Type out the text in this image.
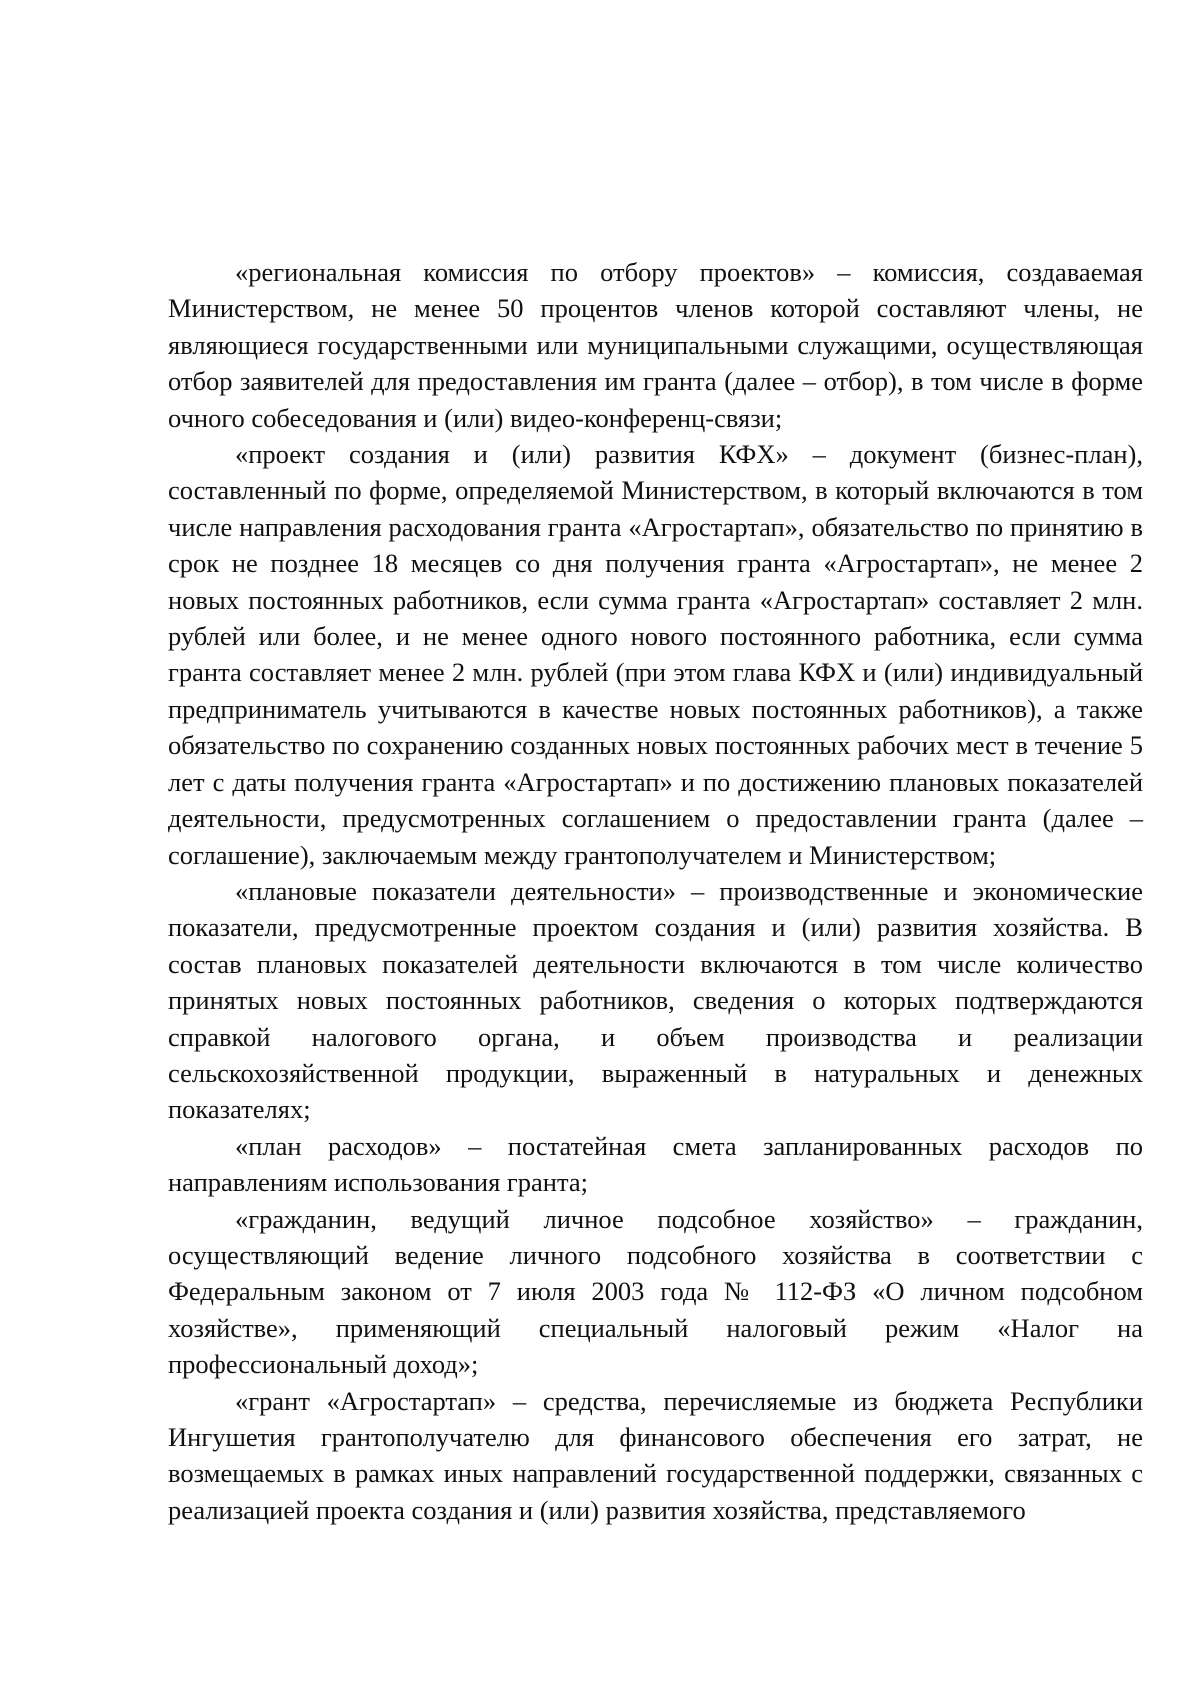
«региональная комиссия по отбору проектов» – комиссия, создаваемая Министерством, не менее 50 процентов членов которой составляют члены, не являющиеся государственными или муниципальными служащими, осуществляющая отбор заявителей для предоставления им гранта (далее – отбор), в том числе в форме очного собеседования и (или) видео-конференц-связи;

«проект создания и (или) развития КФХ» – документ (бизнес-план), составленный по форме, определяемой Министерством, в который включаются в том числе направления расходования гранта «Агростартап», обязательство по принятию в срок не позднее 18 месяцев со дня получения гранта «Агростартап», не менее 2 новых постоянных работников, если сумма гранта «Агростартап» составляет 2 млн. рублей или более, и не менее одного нового постоянного работника, если сумма гранта составляет менее 2 млн. рублей (при этом глава КФХ и (или) индивидуальный предприниматель учитываются в качестве новых постоянных работников), а также обязательство по сохранению созданных новых постоянных рабочих мест в течение 5 лет с даты получения гранта «Агростартап» и по достижению плановых показателей деятельности, предусмотренных соглашением о предоставлении гранта (далее – соглашение), заключаемым между грантополучателем и Министерством;

«плановые показатели деятельности» – производственные и экономические показатели, предусмотренные проектом создания и (или) развития хозяйства. В состав плановых показателей деятельности включаются в том числе количество принятых новых постоянных работников, сведения о которых подтверждаются справкой налогового органа, и объем производства и реализации сельскохозяйственной продукции, выраженный в натуральных и денежных показателях;

«план расходов» – постатейная смета запланированных расходов по направлениям использования гранта;

«гражданин, ведущий личное подсобное хозяйство» – гражданин, осуществляющий ведение личного подсобного хозяйства в соответствии с Федеральным законом от 7 июля 2003 года № 112-ФЗ «О личном подсобном хозяйстве», применяющий специальный налоговый режим «Налог на профессиональный доход»;

«грант «Агростартап» – средства, перечисляемые из бюджета Республики Ингушетия грантополучателю для финансового обеспечения его затрат, не возмещаемых в рамках иных направлений государственной поддержки, связанных с реализацией проекта создания и (или) развития хозяйства, представляемого
